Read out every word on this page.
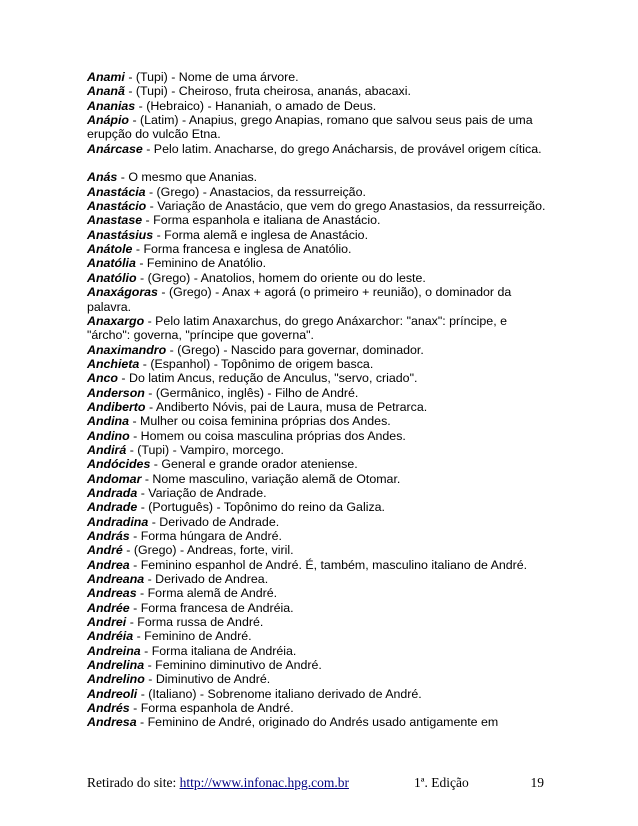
Anami - (Tupi) - Nome de uma árvore.
Ananã - (Tupi) - Cheiroso, fruta cheirosa, ananás, abacaxi.
Ananias - (Hebraico) - Hananiah, o amado de Deus.
Anápio - (Latim) - Anapius, grego Anapias, romano que salvou seus pais de uma erupção do vulcão Etna.
Anárcase - Pelo latim. Anacharse, do grego Anácharsis, de provável origem cítica.
Anás - O mesmo que Ananias.
Anastácia - (Grego) - Anastacios, da ressurreição.
Anastácio - Variação de Anastácio, que vem do grego Anastasios, da ressurreição.
Anastase - Forma espanhola e italiana de Anastácio.
Anastásius - Forma alemã e inglesa de Anastácio.
Anátole - Forma francesa e inglesa de Anatólio.
Anatólia - Feminino de Anatólio.
Anatólio - (Grego) - Anatolios, homem do oriente ou do leste.
Anaxágoras - (Grego) - Anax + agorá (o primeiro + reunião), o dominador da palavra.
Anaxargo - Pelo latim Anaxarchus, do grego Anáxarchor: "anax": príncipe, e "árcho": governa, "príncipe que governa".
Anaximandro - (Grego) - Nascido para governar, dominador.
Anchieta - (Espanhol) - Topônimo de origem basca.
Anco - Do latim Ancus, redução de Anculus, "servo, criado".
Anderson - (Germânico, inglês) - Filho de André.
Andiberto - Andiberto Nóvis, pai de Laura, musa de Petrarca.
Andina - Mulher ou coisa feminina próprias dos Andes.
Andino - Homem ou coisa masculina próprias dos Andes.
Andirá - (Tupi) - Vampiro, morcego.
Andócides - General e grande orador ateniense.
Andomar - Nome masculino, variação alemã de Otomar.
Andrada - Variação de Andrade.
Andrade - (Português) - Topônimo do reino da Galiza.
Andradina - Derivado de Andrade.
András - Forma húngara de André.
André - (Grego) - Andreas, forte, viril.
Andrea - Feminino espanhol de André. É, também, masculino italiano de André.
Andreana - Derivado de Andrea.
Andreas - Forma alemã de André.
Andrée - Forma francesa de Andréia.
Andrei - Forma russa de André.
Andréia - Feminino de André.
Andreina - Forma italiana de Andréia.
Andrelina - Feminino diminutivo de André.
Andrelino - Diminutivo de André.
Andreoli - (Italiano) - Sobrenome italiano derivado de André.
Andrés - Forma espanhola de André.
Andresa - Feminino de André, originado do Andrés usado antigamente em
Retirado do site: http://www.infonac.hpg.com.br	1ª. Edição	19
